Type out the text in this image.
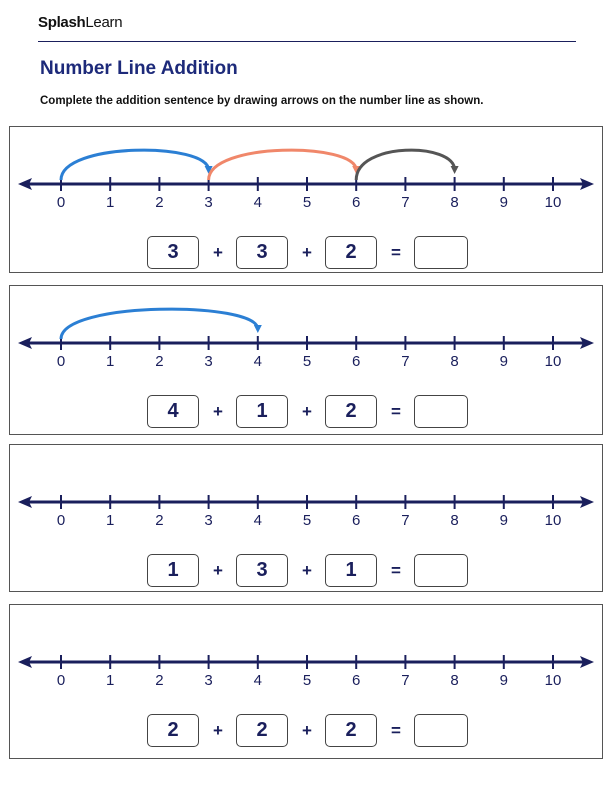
SplashLearn
Number Line Addition
Complete the addition sentence by drawing arrows on the number line as shown.
0	1	2	3	4	5	6	7	8	9 10
3	+	3	+	2	=
0	1	2	3	4	5	6	7	8	9 10
4	+	1	+	2	=
0	1	2	3	4	5	6	7	8	9 10
1	+	3	+	1	=
0	1	2	3	4	5	6	7	8	9 10
2	+	2	+	2	=
